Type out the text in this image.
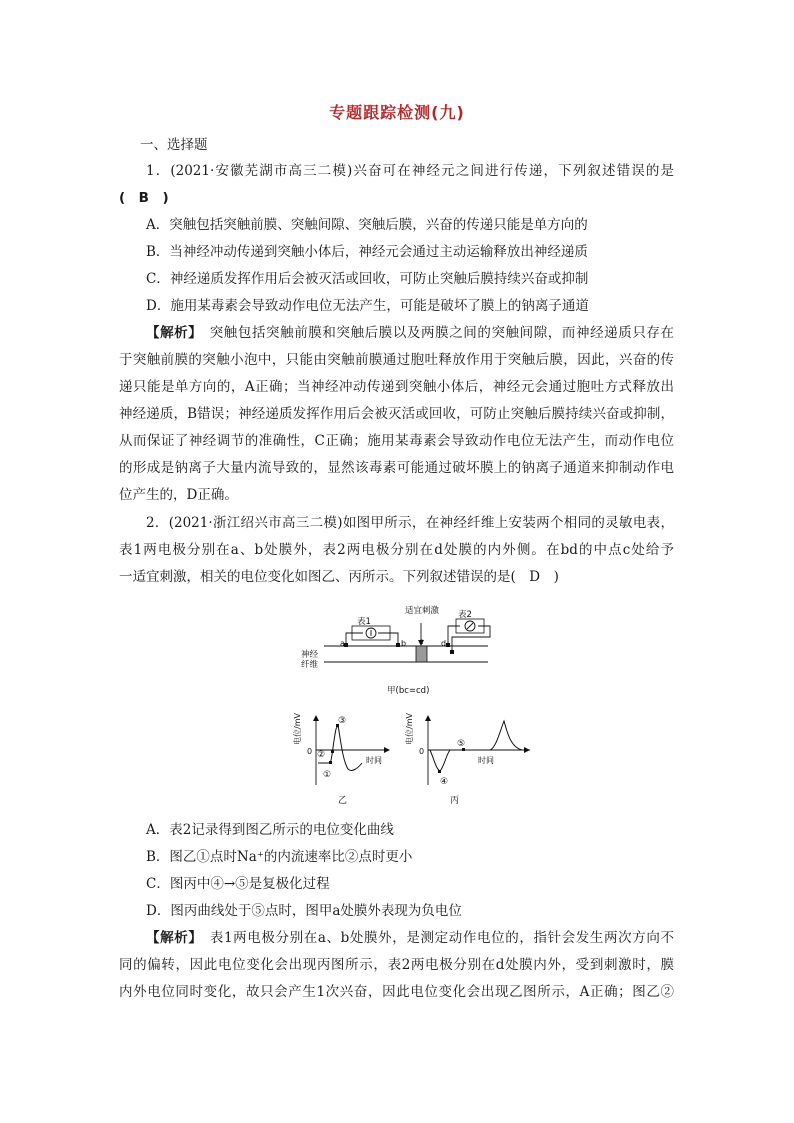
专题跟踪检测(九)
一、选择题
1．(2021·安徽芜湖市高三二模)兴奋可在神经元之间进行传递，下列叙述错误的是
(　B　)
A．突触包括突触前膜、突触间隙、突触后膜，兴奋的传递只能是单方向的
B．当神经冲动传递到突触小体后，神经元会通过主动运输释放出神经递质
C．神经递质发挥作用后会被灭活或回收，可防止突触后膜持续兴奋或抑制
D．施用某毒素会导致动作电位无法产生，可能是破坏了膜上的钠离子通道
【解析】　突触包括突触前膜和突触后膜以及两膜之间的突触间隙，而神经递质只存在
于突触前膜的突触小泡中，只能由突触前膜通过胞吐释放作用于突触后膜，因此，兴奋的传
递只能是单方向的，A正确；当神经冲动传递到突触小体后，神经元会通过胞吐方式释放出
神经递质，B错误；神经递质发挥作用后会被灭活或回收，可防止突触后膜持续兴奋或抑制，
从而保证了神经调节的准确性，C正确；施用某毒素会导致动作电位无法产生，而动作电位
的形成是钠离子大量内流导致的，显然该毒素可能通过破坏膜上的钠离子通道来抑制动作电
位产生的，D正确。
2．(2021·浙江绍兴市高三二模)如图甲所示，在神经纤维上安装两个相同的灵敏电表，
表1两电极分别在a、b处膜外，表2两电极分别在d处膜的内外侧。在bd的中点c处给予
一适宜刺激，相关的电位变化如图乙、丙所示。下列叙述错误的是(　D　)
表1
表2
适宜刺激
a	b c d
神经
纤维
甲(bc=cd)
①
②
③
0
时间
电位/mV
乙
④
⑤
0
时间
电位/mV
丙
A．表2记录得到图乙所示的电位变化曲线
B．图乙①点时Na⁺的内流速率比②点时更小
C．图丙中④→⑤是复极化过程
D．图丙曲线处于⑤点时，图甲a处膜外表现为负电位
【解析】　表1两电极分别在a、b处膜外，是测定动作电位的，指针会发生两次方向不
同的偏转，因此电位变化会出现丙图所示，表2两电极分别在d处膜内外，受到刺激时，膜
内外电位同时变化，故只会产生1次兴奋，因此电位变化会出现乙图所示，A正确；图乙②
